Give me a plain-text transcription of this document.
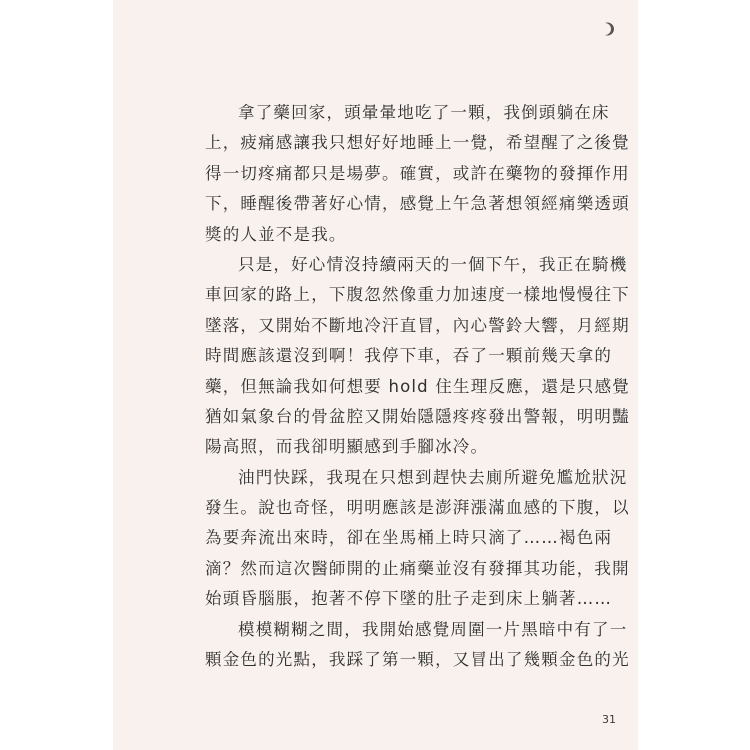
拿了藥回家，頭暈暈地吃了一顆，我倒頭躺在床
上，疲痛感讓我只想好好地睡上一覺，希望醒了之後覺
得一切疼痛都只是場夢。確實，或許在藥物的發揮作用
下，睡醒後帶著好心情，感覺上午急著想領經痛樂透頭
獎的人並不是我。
只是，好心情沒持續兩天的一個下午，我正在騎機
車回家的路上，下腹忽然像重力加速度一樣地慢慢往下
墜落，又開始不斷地冷汗直冒，內心警鈴大響，月經期
時間應該還沒到啊！我停下車，吞了一顆前幾天拿的
藥，但無論我如何想要 hold 住生理反應，還是只感覺
猶如氣象台的骨盆腔又開始隱隱疼疼發出警報，明明豔
陽高照，而我卻明顯感到手腳冰冷。
油門快踩，我現在只想到趕快去廁所避免尷尬狀況
發生。說也奇怪，明明應該是澎湃漲滿血感的下腹，以
為要奔流出來時，卻在坐馬桶上時只滴了……褐色兩
滴？然而這次醫師開的止痛藥並沒有發揮其功能，我開
始頭昏腦脹，抱著不停下墜的肚子走到床上躺著……
模模糊糊之間，我開始感覺周圍一片黑暗中有了一
顆金色的光點，我踩了第一顆，又冒出了幾顆金色的光
31
